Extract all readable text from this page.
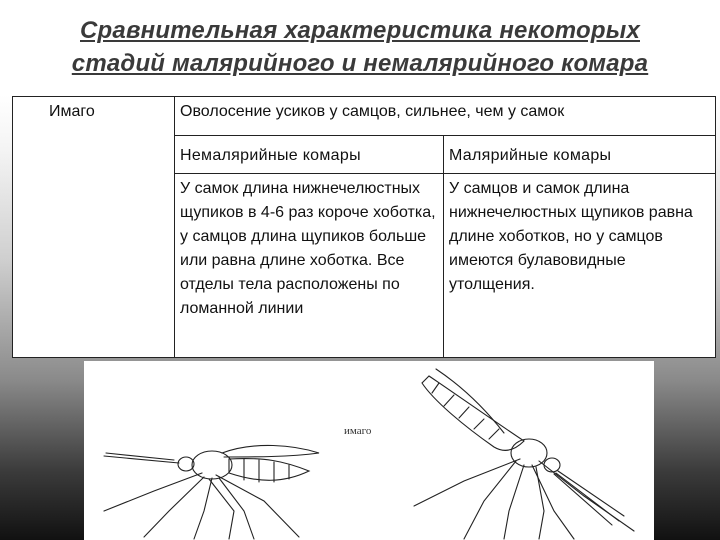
Сравнительная характеристика некоторых
стадий малярийного и немалярийного комара
Имаго	Оволосение усиков у самцов, сильнее, чем у самок	
	Немалярийные комары	Малярийные комары
	У самок длина нижнечелюстных щупиков в 4-6 раз короче хоботка, у самцов длина щупиков больше или равна длине хоботка. Все отделы тела расположены по ломанной линии	У самцов и самок длина нижнечелюстных щупиков равна длине хоботков, но у самцов имеются булавовидные утолщения.
имаго
